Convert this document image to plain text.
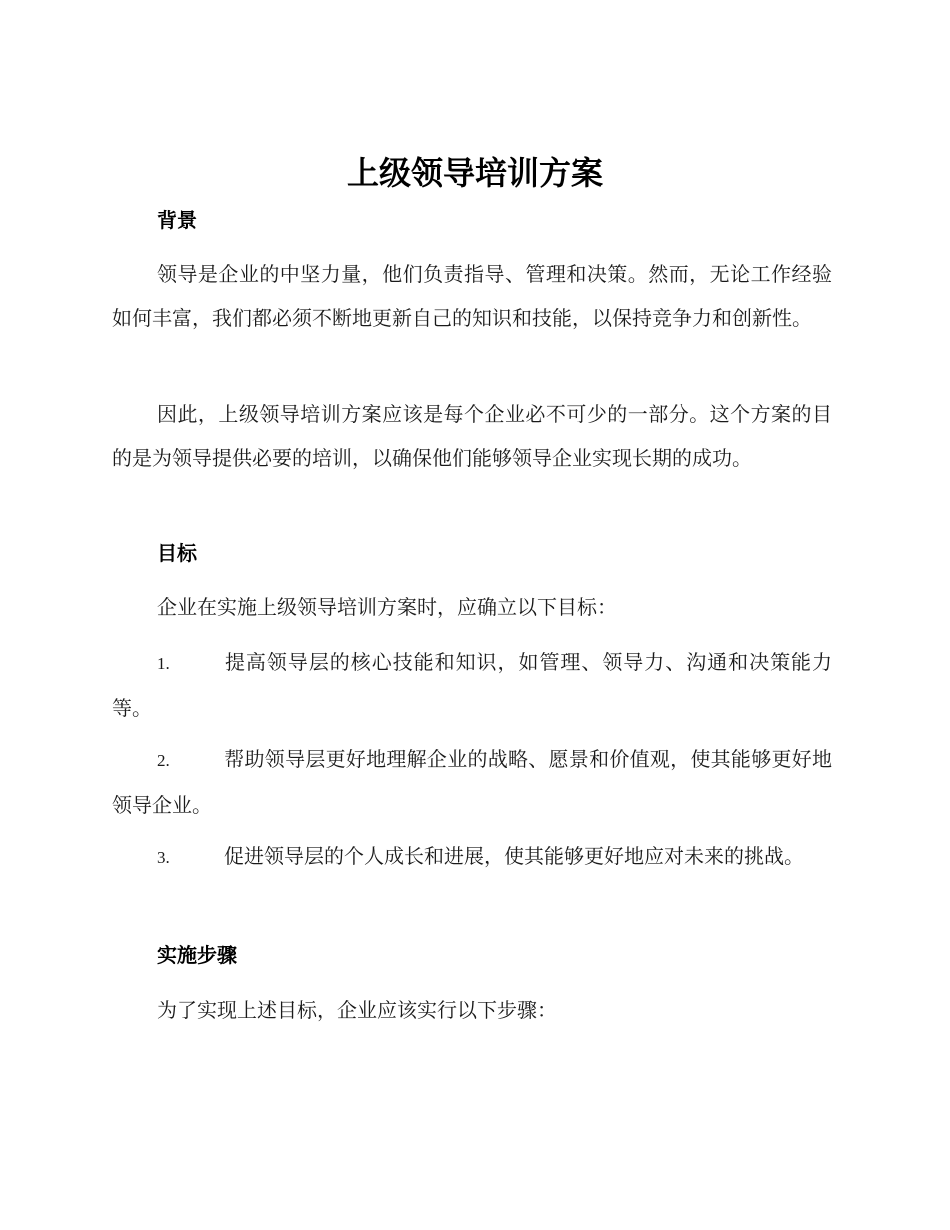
上级领导培训方案
背景

领导是企业的中坚力量，他们负责指导、管理和决策。然而，无论工作经验如何丰富，我们都必须不断地更新自己的知识和技能，以保持竞争力和创新性。

因此，上级领导培训方案应该是每个企业必不可少的一部分。这个方案的目的是为领导提供必要的培训，以确保他们能够领导企业实现长期的成功。

目标

企业在实施上级领导培训方案时，应确立以下目标：

1.	提高领导层的核心技能和知识，如管理、领导力、沟通和决策能力等。

2.	帮助领导层更好地理解企业的战略、愿景和价值观，使其能够更好地领导企业。

3.	促进领导层的个人成长和进展，使其能够更好地应对未来的挑战。

实施步骤

为了实现上述目标，企业应该实行以下步骤：
